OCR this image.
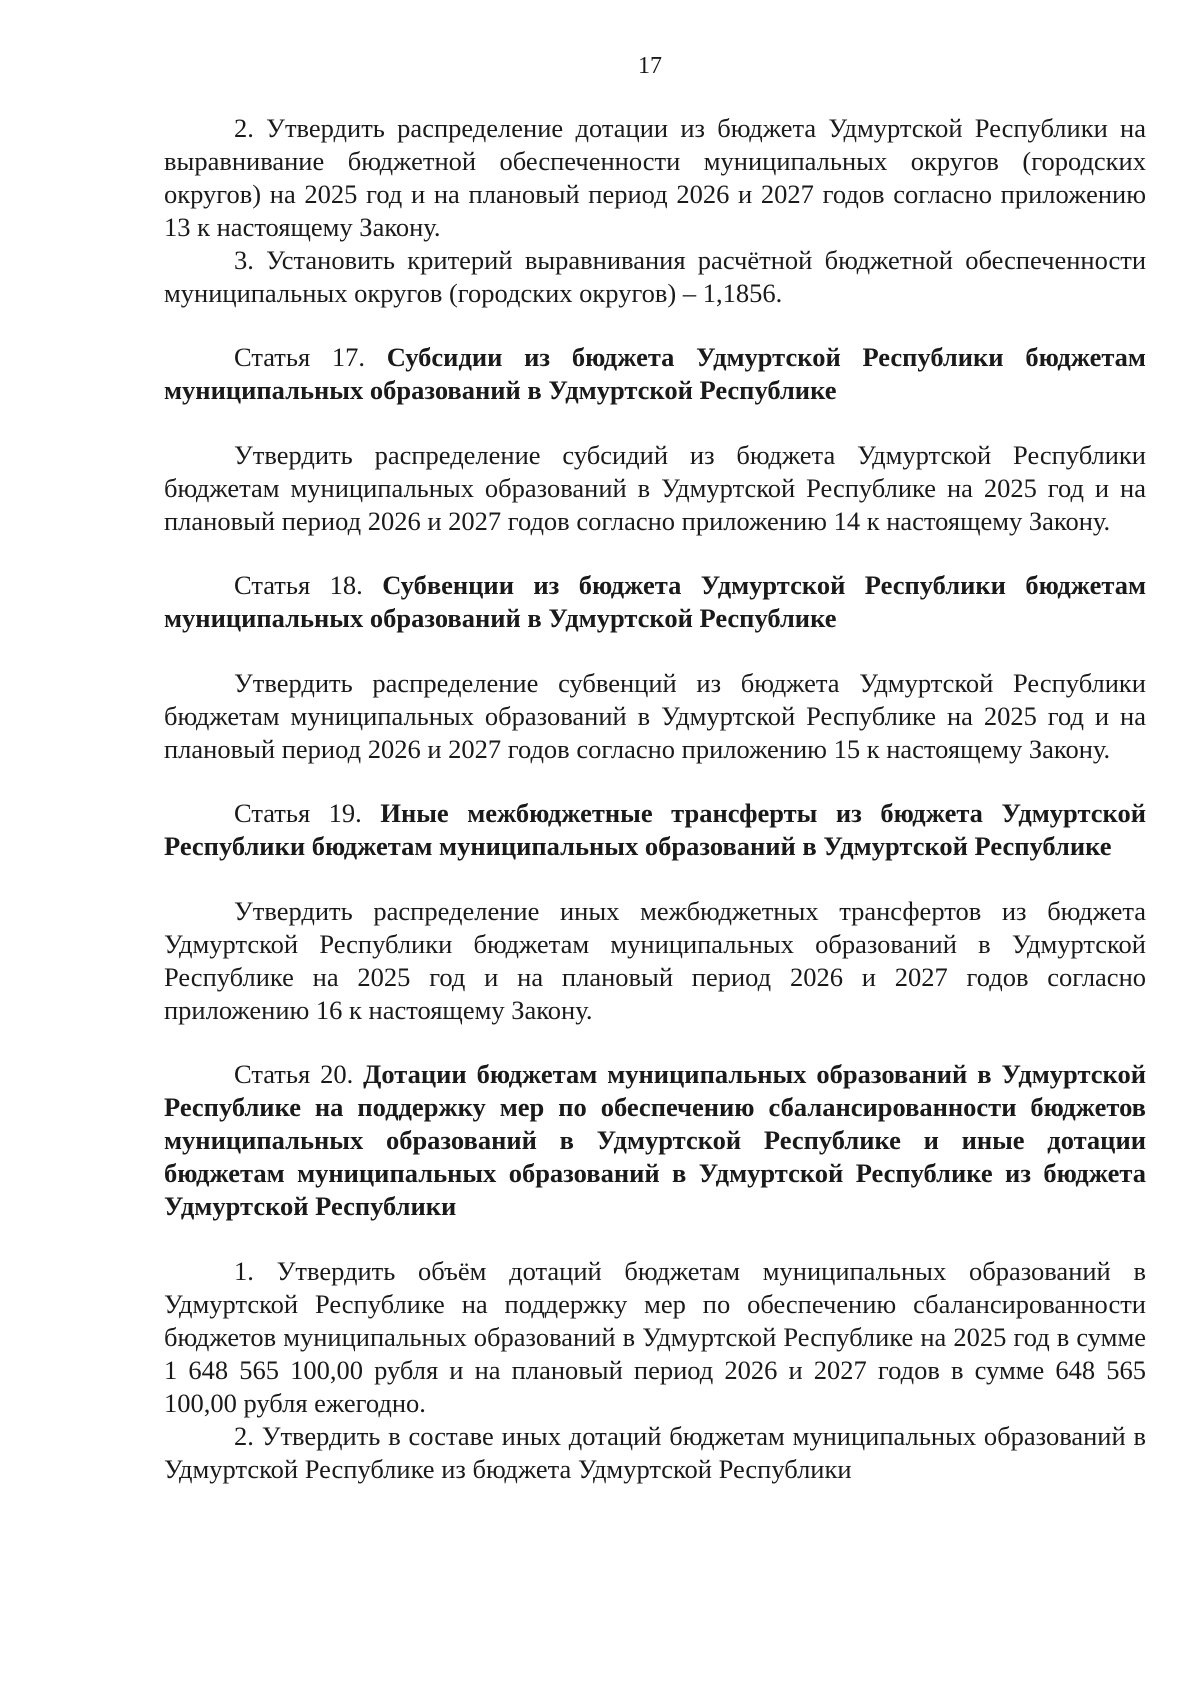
17

2. Утвердить распределение дотации из бюджета Удмуртской Республики на выравнивание бюджетной обеспеченности муниципальных округов (городских округов) на 2025 год и на плановый период 2026 и 2027 годов согласно приложению 13 к настоящему Закону.

3. Установить критерий выравнивания расчётной бюджетной обеспеченности муниципальных округов (городских округов) – 1,1856.

Статья 17. Субсидии из бюджета Удмуртской Республики бюджетам муниципальных образований в Удмуртской Республике

Утвердить распределение субсидий из бюджета Удмуртской Республики бюджетам муниципальных образований в Удмуртской Республике на 2025 год и на плановый период 2026 и 2027 годов согласно приложению 14 к настоящему Закону.

Статья 18. Субвенции из бюджета Удмуртской Республики бюджетам муниципальных образований в Удмуртской Республике

Утвердить распределение субвенций из бюджета Удмуртской Республики бюджетам муниципальных образований в Удмуртской Республике на 2025 год и на плановый период 2026 и 2027 годов согласно приложению 15 к настоящему Закону.

Статья 19. Иные межбюджетные трансферты из бюджета Удмуртской Республики бюджетам муниципальных образований в Удмуртской Республике

Утвердить распределение иных межбюджетных трансфертов из бюджета Удмуртской Республики бюджетам муниципальных образований в Удмуртской Республике на 2025 год и на плановый период 2026 и 2027 годов согласно приложению 16 к настоящему Закону.

Статья 20. Дотации бюджетам муниципальных образований в Удмуртской Республике на поддержку мер по обеспечению сбалансированности бюджетов муниципальных образований в Удмуртской Республике и иные дотации бюджетам муниципальных образований в Удмуртской Республике из бюджета Удмуртской Республики

1. Утвердить объём дотаций бюджетам муниципальных образований в Удмуртской Республике на поддержку мер по обеспечению сбалансированности бюджетов муниципальных образований в Удмуртской Республике на 2025 год в сумме 1 648 565 100,00 рубля и на плановый период 2026 и 2027 годов в сумме 648 565 100,00 рубля ежегодно.

2. Утвердить в составе иных дотаций бюджетам муниципальных образований в Удмуртской Республике из бюджета Удмуртской Республики
